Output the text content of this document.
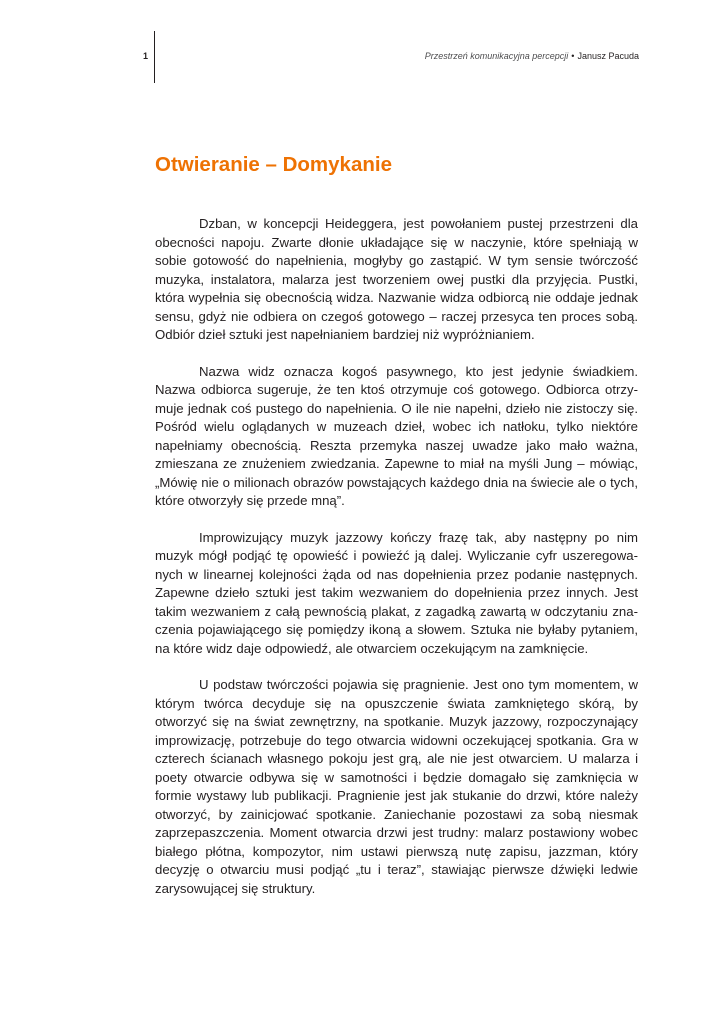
1	Przestrzeń komunikacyjna percepcji • Janusz Pacuda
Otwieranie – Domykanie

Dzban, w koncepcji Heideggera, jest powołaniem pustej przestrzeni dla obecności napoju. Zwarte dłonie układające się w naczynie, które spełniają w sobie gotowość do napełnienia, mogłyby go zastąpić. W tym sensie twórczość muzyka, instalatora, malarza jest tworzeniem owej pustki dla przyjęcia. Pustki, która wypełnia się obecnością widza. Nazwanie widza odbiorcą nie oddaje jednak sensu, gdyż nie odbiera on czegoś gotowego – raczej przesyca ten proces sobą. Odbiór dzieł sztuki jest napełnianiem bardziej niż wypróżnianiem.

Nazwa widz oznacza kogoś pasywnego, kto jest jedynie świadkiem. Nazwa odbiorca sugeruje, że ten ktoś otrzymuje coś gotowego. Odbiorca otrzymuje jednak coś pustego do napełnienia. O ile nie napełni, dzieło nie zistoczy się. Pośród wielu oglądanych w muzeach dzieł, wobec ich natłoku, tylko niektóre napełniamy obecnością. Reszta przemyka naszej uwadze jako mało ważna, zmieszana ze znużeniem zwiedzania. Zapewne to miał na myśli Jung – mówiąc, „Mówię nie o milionach obrazów powstających każdego dnia na świecie ale o tych, które otworzyły się przede mną”.

Improwizujący muzyk jazzowy kończy frazę tak, aby następny po nim muzyk mógł podjąć tę opowieść i powieźć ją dalej. Wyliczanie cyfr uszeregowanych w linearnej kolejności żąda od nas dopełnienia przez podanie następnych. Zapewne dzieło sztuki jest takim wezwaniem do dopełnienia przez innych. Jest takim wezwaniem z całą pewnością plakat, z zagadką zawartą w odczytaniu znaczenia pojawiającego się pomiędzy ikoną a słowem. Sztuka nie byłaby pytaniem, na które widz daje odpowiedź, ale otwarciem oczekującym na zamknięcie.

U podstaw twórczości pojawia się pragnienie. Jest ono tym momentem, w którym twórca decyduje się na opuszczenie świata zamkniętego skórą, by otworzyć się na świat zewnętrzny, na spotkanie. Muzyk jazzowy, rozpoczynający improwizację, potrzebuje do tego otwarcia widowni oczekującej spotkania. Gra w czterech ścianach własnego pokoju jest grą, ale nie jest otwarciem. U malarza i poety otwarcie odbywa się w samotności i będzie domagało się zamknięcia w formie wystawy lub publikacji. Pragnienie jest jak stukanie do drzwi, które należy otworzyć, by zainicjować spotkanie. Zaniechanie pozostawi za sobą niesmak zaprzepaszczenia. Moment otwarcia drzwi jest trudny: malarz postawiony wobec białego płótna, kompozytor, nim ustawi pierwszą nutę zapisu, jazzman, który decyzję o otwarciu musi podjąć „tu i teraz”, stawiając pierwsze dźwięki ledwie zarysowującej się struktury.
